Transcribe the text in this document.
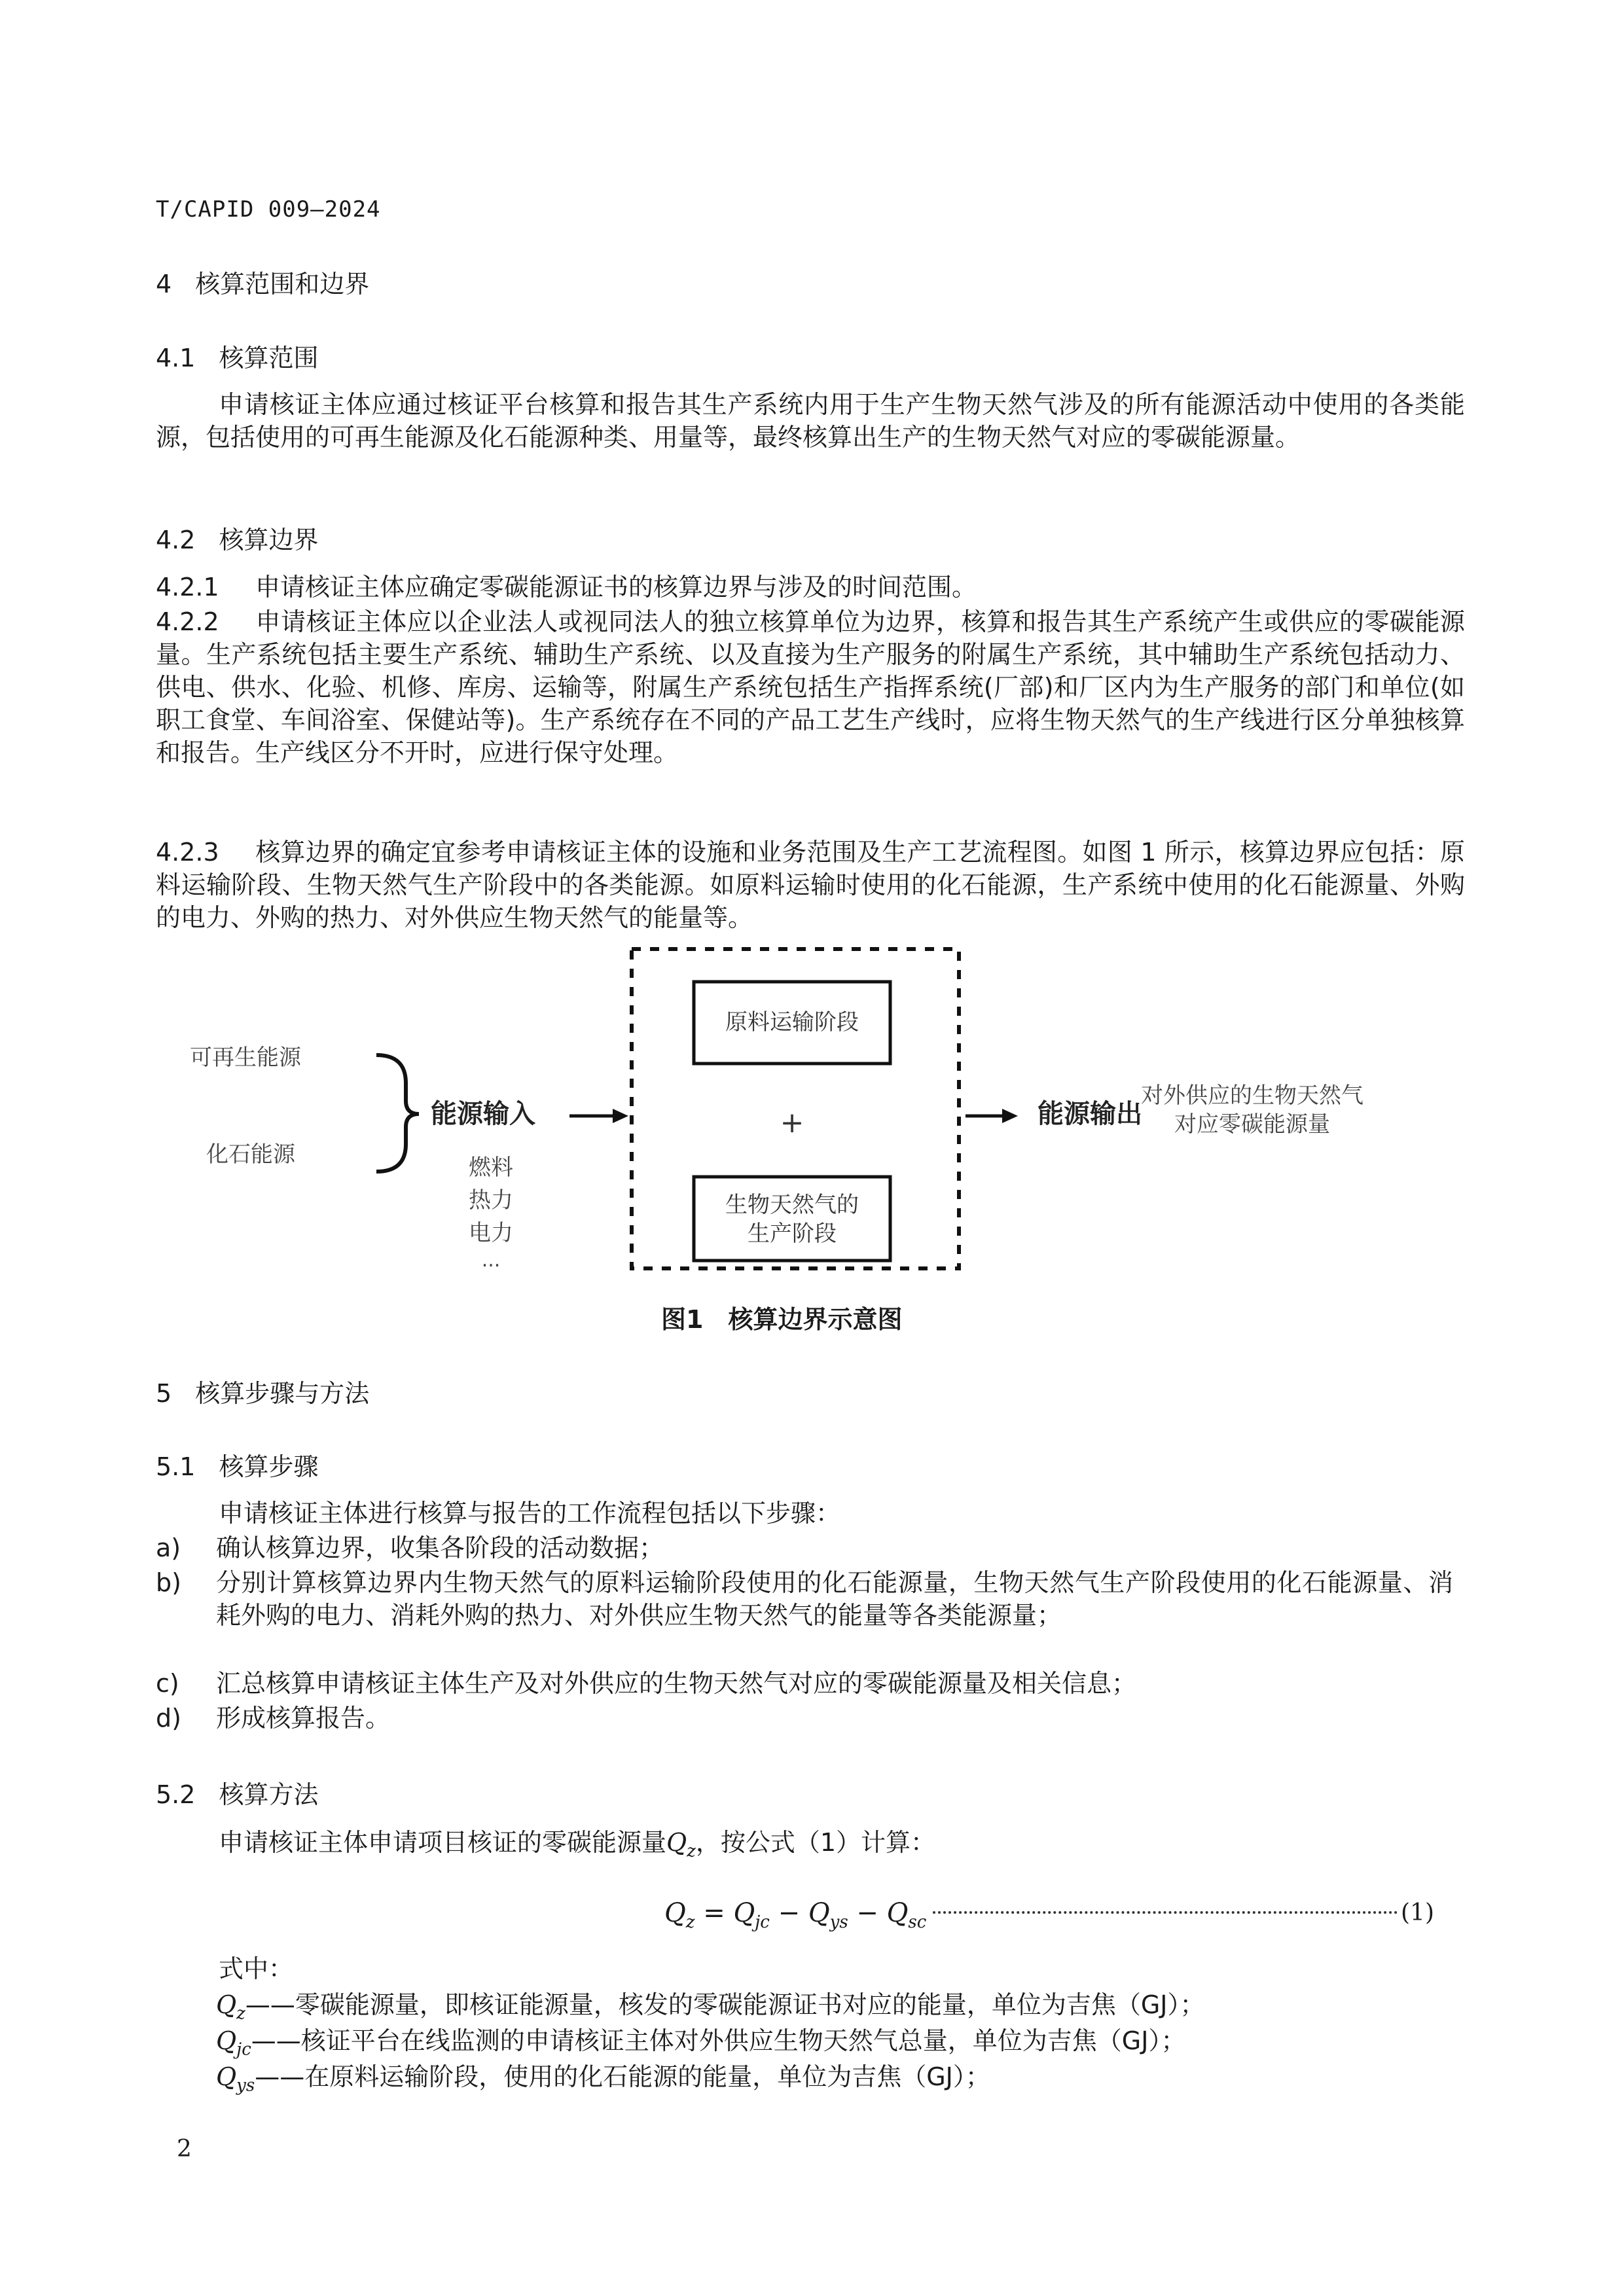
T/CAPID 009—2024
4 核算范围和边界
4.1 核算范围

申请核证主体应通过核证平台核算和报告其生产系统内用于生产生物天然气涉及的所有能源活动中使用的各类能源，包括使用的可再生能源及化石能源种类、用量等，最终核算出生产的生物天然气对应的零碳能源量。

4.2 核算边界

4.2.1 申请核证主体应确定零碳能源证书的核算边界与涉及的时间范围。

4.2.2 申请核证主体应以企业法人或视同法人的独立核算单位为边界，核算和报告其生产系统产生或供应的零碳能源量。生产系统包括主要生产系统、辅助生产系统、以及直接为生产服务的附属生产系统，其中辅助生产系统包括动力、供电、供水、化验、机修、库房、运输等，附属生产系统包括生产指挥系统(厂部)和厂区内为生产服务的部门和单位(如职工食堂、车间浴室、保健站等)。生产系统存在不同的产品工艺生产线时，应将生物天然气的生产线进行区分单独核算和报告。生产线区分不开时，应进行保守处理。

4.2.3 核算边界的确定宜参考申请核证主体的设施和业务范围及生产工艺流程图。如图 1 所示，核算边界应包括：原料运输阶段、生物天然气生产阶段中的各类能源。如原料运输时使用的化石能源，生产系统中使用的化石能源量、外购的电力、外购的热力、对外供应生物天然气的能量等。

原料运输阶段
+
生物天然气的
生产阶段
可再生能源
化石能源
能源输入
燃料
热力
电力
...
能源输出
对外供应的生物天然气
对应零碳能源量
图1　核算边界示意图
5 核算步骤与方法
5.1 核算步骤

申请核证主体进行核算与报告的工作流程包括以下步骤：

a) 确认核算边界，收集各阶段的活动数据；

b) 分别计算核算边界内生物天然气的原料运输阶段使用的化石能源量，生物天然气生产阶段使用的化石能源量、消耗外购的电力、消耗外购的热力、对外供应生物天然气的能量等各类能源量；

c) 汇总核算申请核证主体生产及对外供应的生物天然气对应的零碳能源量及相关信息；

d) 形成核算报告。

5.2 核算方法

申请核证主体申请项目核证的零碳能源量$Q_z$，按公式（1）计算：

$Q_z = Q_{jc} - Q_{ys} - Q_{sc}$	(1)

式中：

$Q_z——$零碳能源量，即核证能源量，核发的零碳能源证书对应的能量，单位为吉焦（GJ）；

$Q_{jc}——$核证平台在线监测的申请核证主体对外供应生物天然气总量，单位为吉焦（GJ）；

$Q_{ys}——$在原料运输阶段，使用的化石能源的能量，单位为吉焦（GJ）；

2
